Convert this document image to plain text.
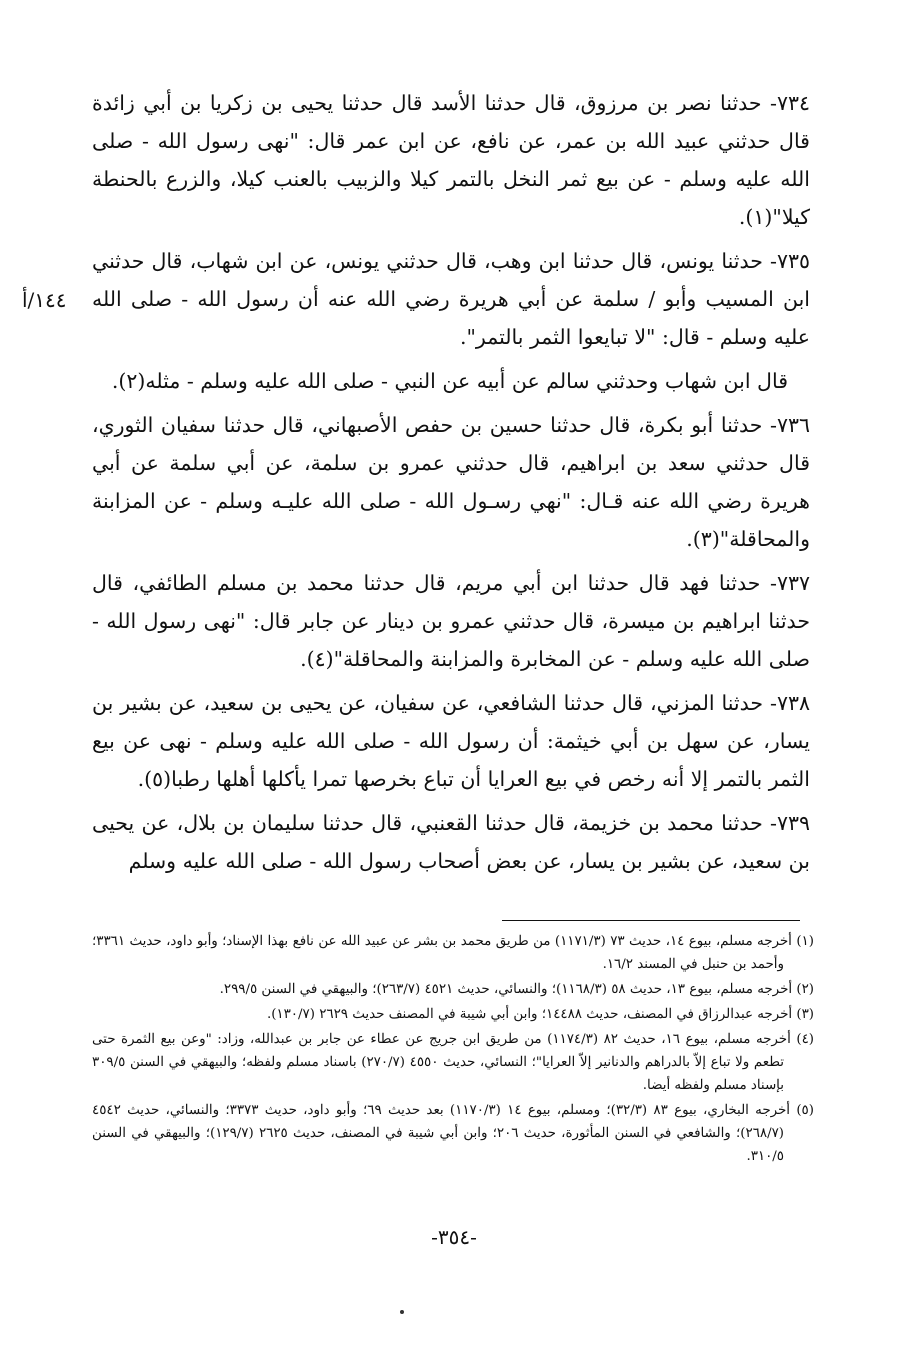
٧٣٤- حدثنا نصر بن مرزوق، قال حدثنا الأسد قال حدثنا يحيى بن زكريا بن أبي زائدة قال حدثني عبيد الله بن عمر، عن نافع، عن ابن عمر قال: "نهى رسول الله - صلى الله عليه وسلم - عن بيع ثمر النخل بالتمر كيلا والزبيب بالعنب كيلا، والزرع بالحنطة كيلا"(١).

٧٣٥- حدثنا يونس، قال حدثنا ابن وهب، قال حدثني يونس، عن ابن شهاب، قال حدثني ابن المسيب وأبو / سلمة عن أبي هريرة رضي الله عنه أن رسول الله - صلى الله عليه وسلم - قال: "لا تبايعوا الثمر بالتمر".

قال ابن شهاب وحدثني سالم عن أبيه عن النبي - صلى الله عليه وسلم - مثله(٢).

٧٣٦- حدثنا أبو بكرة، قال حدثنا حسين بن حفص الأصبهاني، قال حدثنا سفيان الثوري، قال حدثني سعد بن ابراهيم، قال حدثني عمرو بن سلمة، عن أبي سلمة عن أبي هريرة رضي الله عنه قـال: "نهي رسـول الله - صلى الله عليـه وسلم - عن المزابنة والمحاقلة"(٣).

٧٣٧- حدثنا فهد قال حدثنا ابن أبي مريم، قال حدثنا محمد بن مسلم الطائفي، قال حدثنا ابراهيم بن ميسرة، قال حدثني عمرو بن دينار عن جابر قال: "نهى رسول الله - صلى الله عليه وسلم - عن المخابرة والمزابنة والمحاقلة"(٤).

٧٣٨- حدثنا المزني، قال حدثنا الشافعي، عن سفيان، عن يحيى بن سعيد، عن بشير بن يسار، عن سهل بن أبي خيثمة: أن رسول الله - صلى الله عليه وسلم - نهى عن بيع الثمر بالتمر إلا أنه رخص في بيع العرايا أن تباع بخرصها تمرا يأكلها أهلها رطبا(٥).

٧٣٩- حدثنا محمد بن خزيمة، قال حدثنا القعنبي، قال حدثنا سليمان بن بلال، عن يحيى بن سعيد، عن بشير بن يسار، عن بعض أصحاب رسول الله - صلى الله عليه وسلم

١٤٤/أ

(١) أخرجه مسلم، بيوع ١٤، حديث ٧٣ (١١٧١/٣) من طريق محمد بن بشر عن عبيد الله عن نافع بهذا الإسناد؛ وأبو داود، حديث ٣٣٦١؛ وأحمد بن حنبل في المسند ١٦/٢.

(٢) أخرجه مسلم، بيوع ١٣، حديث ٥٨ (١١٦٨/٣)؛ والنسائي، حديث ٤٥٢١ (٢٦٣/٧)؛ والبيهقي في السنن ٢٩٩/٥.

(٣) أخرجه عبدالرزاق في المصنف، حديث ١٤٤٨٨؛ وابن أبي شيبة في المصنف حديث ٢٦٢٩ (١٣٠/٧).

(٤) أخرجه مسلم، بيوع ١٦، حديث ٨٢ (١١٧٤/٣) من طريق ابن جريج عن عطاء عن جابر بن عبدالله، وزاد: "وعن بيع الثمرة حتى تطعم ولا تباع إلاّ بالدراهم والدنانير إلاّ العرايا"؛ النسائي، حديث ٤٥٥٠ (٢٧٠/٧) باسناد مسلم ولفظه؛ والبيهقي في السنن ٣٠٩/٥ بإسناد مسلم ولفظه أيضا.

(٥) أخرجه البخاري، بيوع ٨٣ (٣٢/٣)؛ ومسلم، بيوع ١٤ (١١٧٠/٣) بعد حديث ٦٩؛ وأبو داود، حديث ٣٣٧٣؛ والنسائي، حديث ٤٥٤٢ (٢٦٨/٧)؛ والشافعي في السنن المأثورة، حديث ٢٠٦؛ وابن أبي شيبة في المصنف، حديث ٢٦٢٥ (١٢٩/٧)؛ والبيهقي في السنن ٣١٠/٥.

-٣٥٤-
